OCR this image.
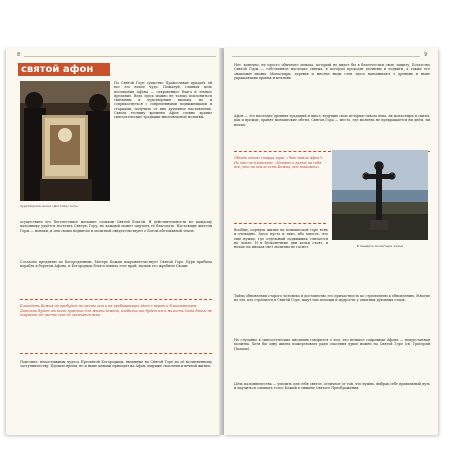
8
святой афон
Чудотворная икона «Достойно есть»
По Святой Горе существо Православие придаёт ей вот это некое чудо. Пожалуй, главная цель посещения Афона — откровенное благо и земное предание. Ведь здесь можно не только поклониться святыням и чудотворным иконам, но и соприкоснуться с современными подвижниками и старцами, получить от них душевное наставление. Сквозь теснину времени Афон словно хранит святоотеческие традиции многовековой молитвы.
осуществить его богочестивое желание словами Святой Благой. В действительности не каждому паломнику удаётся посетить Святую Гору, но каждый может ощутить её благодать. Настоящие жители Горы — монахи, и они своим подвигом и молитвой свидетельствуют о Богом обетованной земле.
Согласно преданию по Богородичным, Матерь Божия покровительствует Святой Горе. Буря прибила корабль к берегам Афона, и Богородица благословила этот край, назвав его жребием Своим.
Благодать Божия да пребудет на месте сем и на пребывающих здесь с верою и благоговением. Довольно будет им всего нужного для жизни земной, изобилие же будет им и милость Сына Моего не оскудеет от места сего до скончания века.
Поистине, непостижимы чудеса Пресвятой Богородицы, явленные на Святой Горе по её молитвенному заступничеству. Прошло время, но и ныне монахи приходят на Афон, ищущие спасения и вечной жизни.
9
Нет, конечно, не просто обычного монаха, который не видел бы в благочестии свою защиту. Богатство Святой Горы — собственное наследие святых, в котором проходят молитвы и подвиги, а также его знакомые иконы. Монастыри, деревья и многие виды стен здесь напоминают о древних и ныне украшающих храмах и келлиях.
Афон — это наследие древних традиций и школ, ведущих свою историю сквозь века, их монастыри и скиты, как и прежде, хранят монашеские обеты. Святая Гора — место, где молитва не прекращается ни днём, ни ночью.
Обходи одною старца горы: «Что такое Афон?» Не что не плотскою: «Понять и взять на себя всё, что на земле есть Божие, всё знакомых».
Вообще, порядок жизни на монашеской горе ясно и очевидно. Здесь пусто и тихо, ибо многое, что ещё нужно, где отдельный подвижник считается на земле. И в бесконечные дни кельи стоят, и ночью на иноках свет молитвы не гаснет.	В пещёрке монастыря жизни
Тайна обновления старого человека и достоинство его причастность ко стремлению к обновлению. Многие из тех, кто стремится к Святой Горе, ищут там помощи и мудрости у опытных духовных отцов.
Не случайно в святоотеческих писаниях говорится о том, что великое сокровище Афона — непрестанная молитва. Хотя бы одну жизнь пожертвовать ради спасения души можно на Святой Горе (св. Григорий Палама).
Цель паломничества — умолить для себя святое, отличное от той, что нужно, выбрав себе правильный путь и научиться слышать голос Божий в тишине Святого Преображения.
